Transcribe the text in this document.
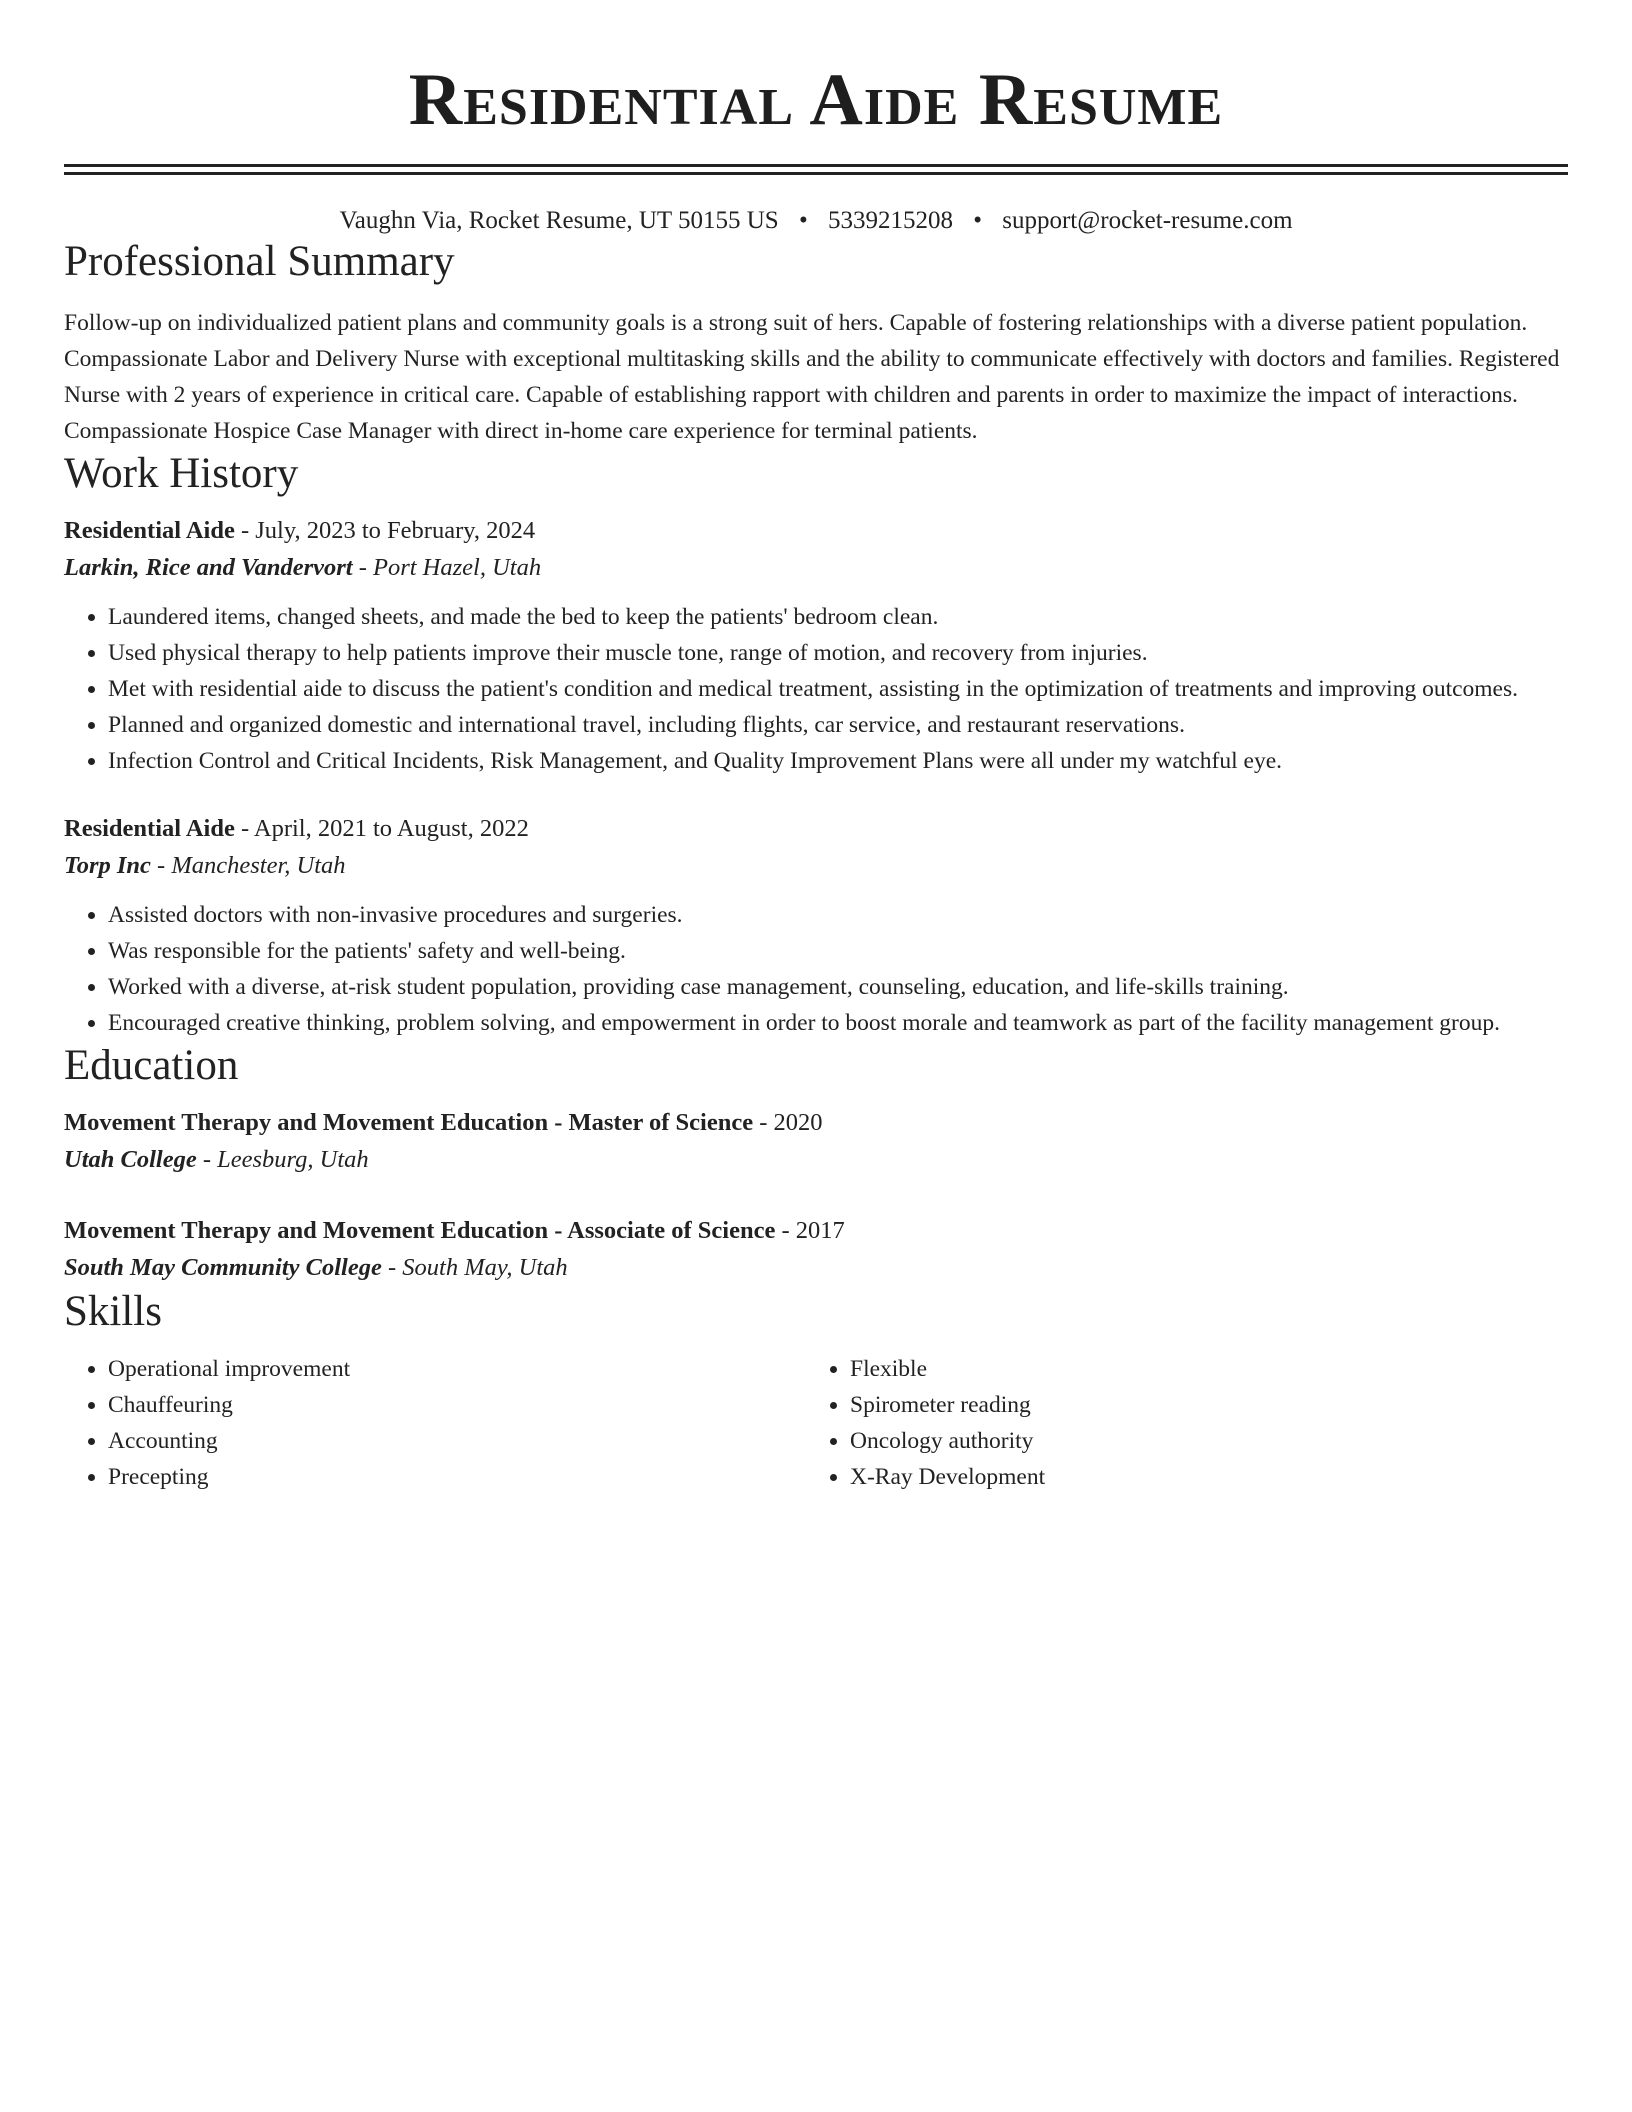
Residential Aide Resume
Vaughn Via, Rocket Resume, UT 50155 US • 5339215208 • support@rocket-resume.com
Professional Summary
Follow-up on individualized patient plans and community goals is a strong suit of hers. Capable of fostering relationships with a diverse patient population. Compassionate Labor and Delivery Nurse with exceptional multitasking skills and the ability to communicate effectively with doctors and families. Registered Nurse with 2 years of experience in critical care. Capable of establishing rapport with children and parents in order to maximize the impact of interactions. Compassionate Hospice Case Manager with direct in-home care experience for terminal patients.
Work History
Residential Aide - July, 2023 to February, 2024
Larkin, Rice and Vandervort - Port Hazel, Utah
• Laundered items, changed sheets, and made the bed to keep the patients' bedroom clean.
• Used physical therapy to help patients improve their muscle tone, range of motion, and recovery from injuries.
• Met with residential aide to discuss the patient's condition and medical treatment, assisting in the optimization of treatments and improving outcomes.
• Planned and organized domestic and international travel, including flights, car service, and restaurant reservations.
• Infection Control and Critical Incidents, Risk Management, and Quality Improvement Plans were all under my watchful eye.
Residential Aide - April, 2021 to August, 2022
Torp Inc - Manchester, Utah
• Assisted doctors with non-invasive procedures and surgeries.
• Was responsible for the patients' safety and well-being.
• Worked with a diverse, at-risk student population, providing case management, counseling, education, and life-skills training.
• Encouraged creative thinking, problem solving, and empowerment in order to boost morale and teamwork as part of the facility management group.
Education
Movement Therapy and Movement Education - Master of Science - 2020
Utah College - Leesburg, Utah
Movement Therapy and Movement Education - Associate of Science - 2017
South May Community College - South May, Utah
Skills
• Operational improvement
• Chauffeuring
• Accounting
• Precepting
• Flexible
• Spirometer reading
• Oncology authority
• X-Ray Development
